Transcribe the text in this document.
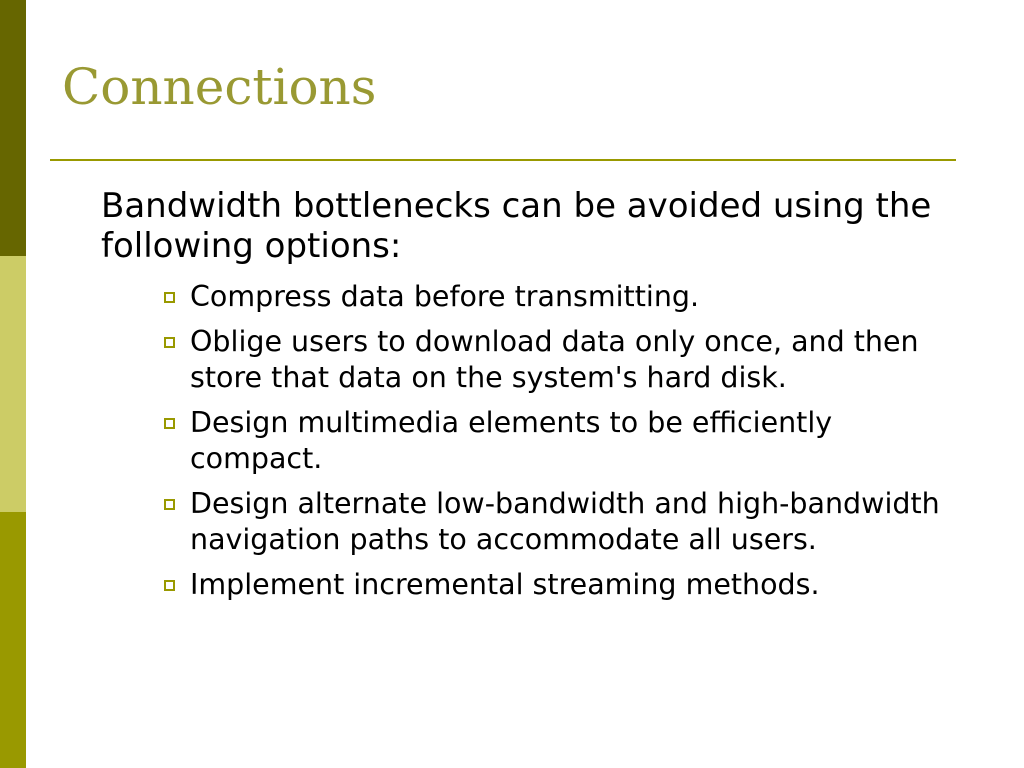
Connections

Bandwidth bottlenecks can be avoided using the following options:

Compress data before transmitting.
Oblige users to download data only once, and then store that data on the system's hard disk.
Design multimedia elements to be efficiently compact.
Design alternate low-bandwidth and high-bandwidth navigation paths to accommodate all users.
Implement incremental streaming methods.
